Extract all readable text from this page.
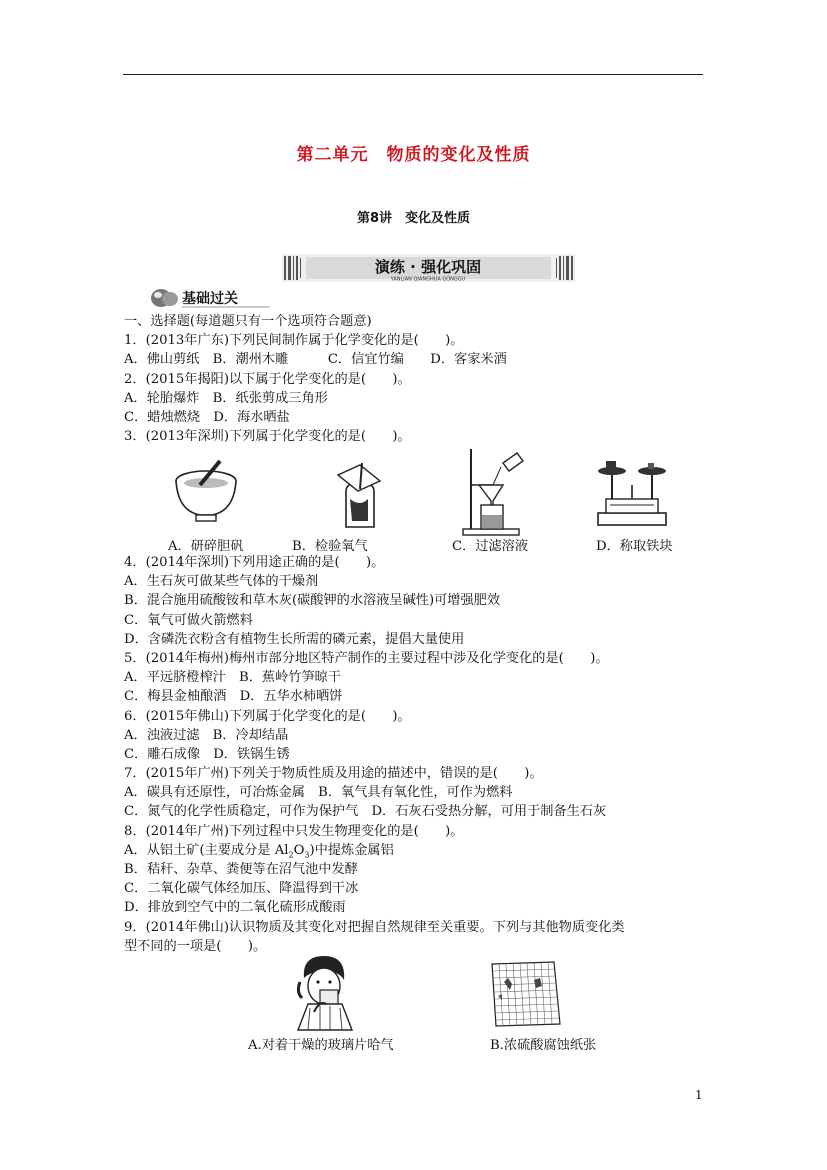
第二单元　物质的变化及性质
第8讲　变化及性质
演练 · 强化巩固
YANLIAN QIANGHUA GONGGU
基础过关
一、选择题(每道题只有一个选项符合题意)
1．(2013年广东)下列民间制作属于化学变化的是(　　)。
A．佛山剪纸　B．潮州木雕　　　C．信宜竹编　　D．客家米酒
2．(2015年揭阳)以下属于化学变化的是(　　)。
A．轮胎爆炸　B．纸张剪成三角形
C．蜡烛燃烧　D．海水晒盐
3．(2013年深圳)下列属于化学变化的是(　　)。
A．研碎胆矾	B．检验氧气	C．过滤溶液	D．称取铁块
4．(2014年深圳)下列用途正确的是(　　)。
A．生石灰可做某些气体的干燥剂
B．混合施用硫酸铵和草木灰(碳酸钾的水溶液呈碱性)可增强肥效
C．氧气可做火箭燃料
D．含磷洗衣粉含有植物生长所需的磷元素，提倡大量使用
5．(2014年梅州)梅州市部分地区特产制作的主要过程中涉及化学变化的是(　　)。
A．平远脐橙榨汁　B．蕉岭竹笋晾干
C．梅县金柚酿酒　D．五华水柿晒饼
6．(2015年佛山)下列属于化学变化的是(　　)。
A．浊液过滤　B．冷却结晶
C．雕石成像　D．铁锅生锈
7．(2015年广州)下列关于物质性质及用途的描述中，错误的是(　　)。
A．碳具有还原性，可冶炼金属　B．氧气具有氧化性，可作为燃料
C．氮气的化学性质稳定，可作为保护气　D．石灰石受热分解，可用于制备生石灰
8．(2014年广州)下列过程中只发生物理变化的是(　　)。
A．从铝土矿(主要成分是 $Al_2O_3$)中提炼金属铝
B．秸秆、杂草、粪便等在沼气池中发酵
C．二氧化碳气体经加压、降温得到干冰
D．排放到空气中的二氧化硫形成酸雨
9．(2014年佛山)认识物质及其变化对把握自然规律至关重要。下列与其他物质变化类
型不同的一项是(　　)。
A.对着干燥的玻璃片哈气	B.浓硫酸腐蚀纸张
1
